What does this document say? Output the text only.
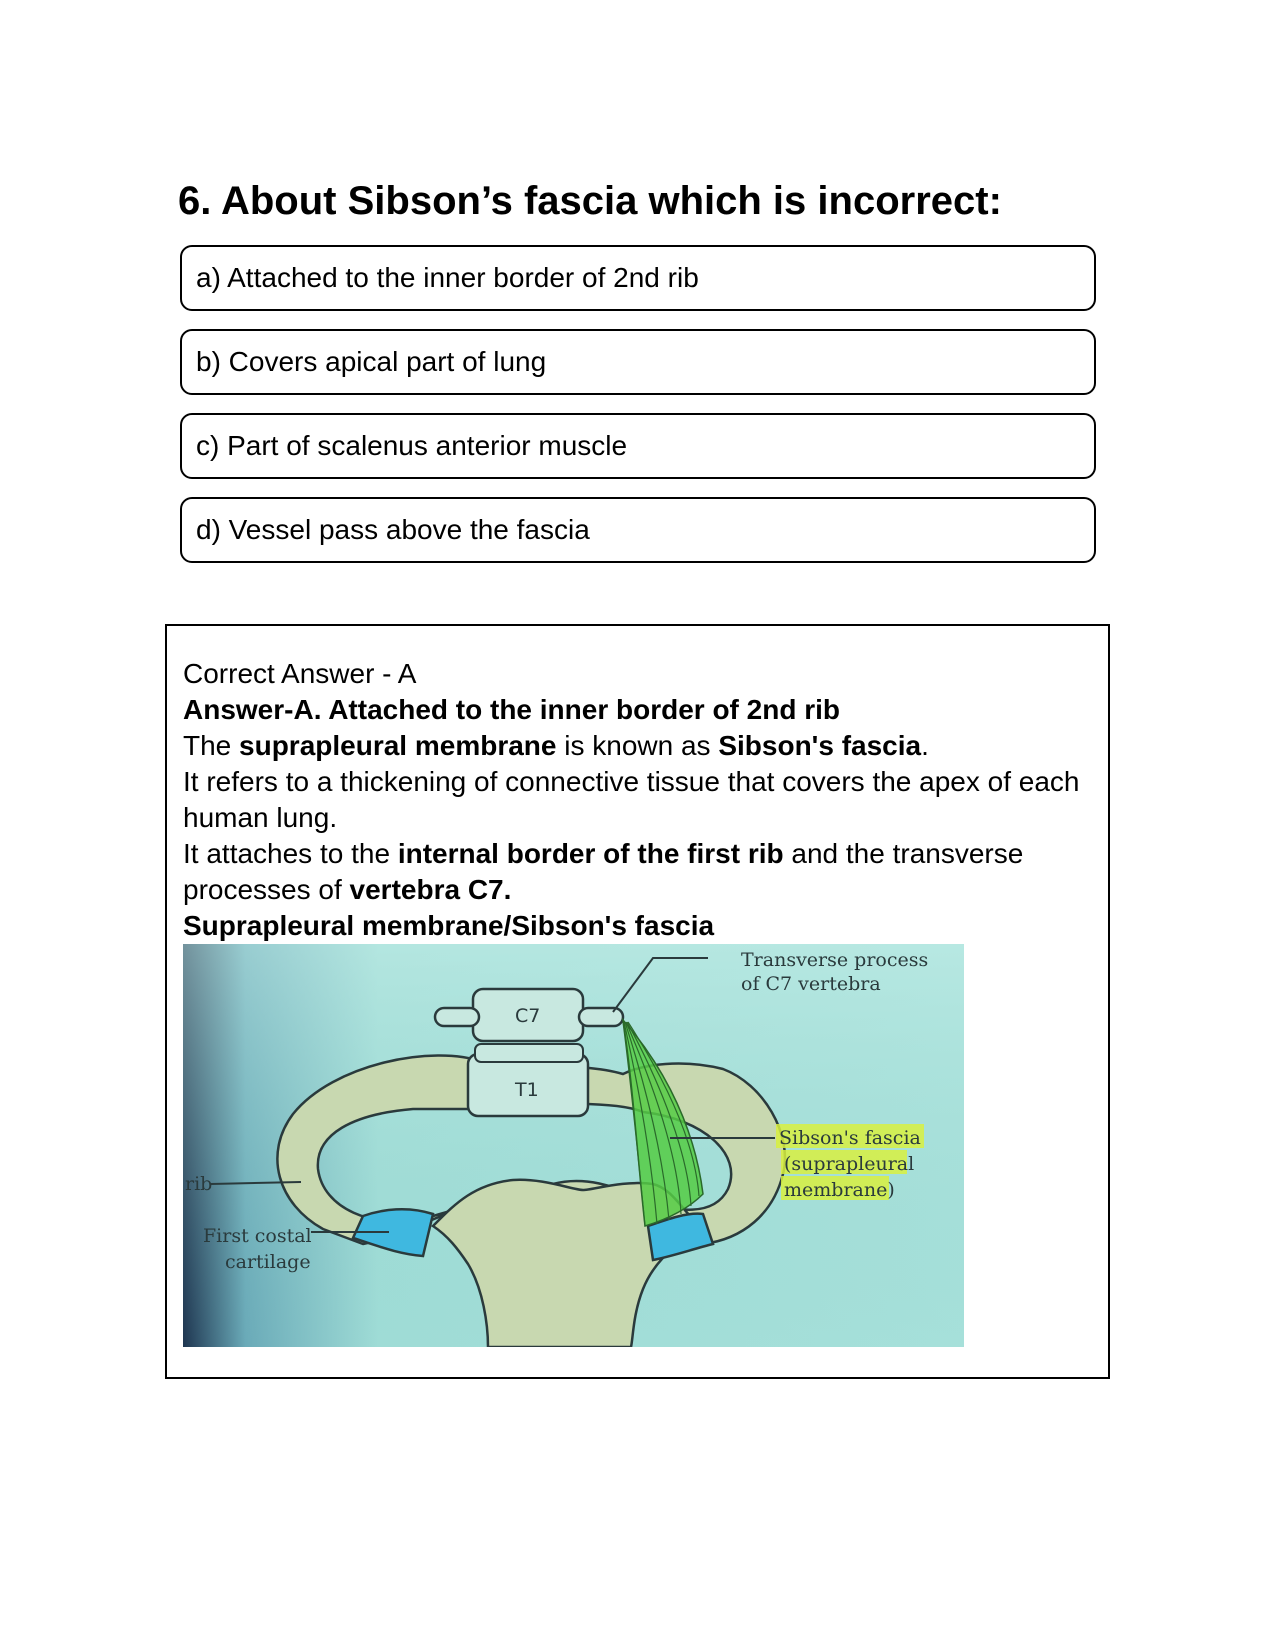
6. About Sibson’s fascia which is incorrect:
a) Attached to the inner border of 2nd rib
b) Covers apical part of lung
c) Part of scalenus anterior muscle
d) Vessel pass above the fascia

Correct Answer - A

Answer-A. Attached to the inner border of 2nd rib

The suprapleural membrane is known as Sibson's fascia.

It refers to a thickening of connective tissue that covers the apex of each human lung.

It attaches to the internal border of the first rib and the transverse processes of vertebra C7.

Suprapleural membrane/Sibson's fascia

Transverse process
of C7 vertebra
C7
T1
Sibson's fascia
(suprapleural
membrane)
rib
First costal
cartilage
